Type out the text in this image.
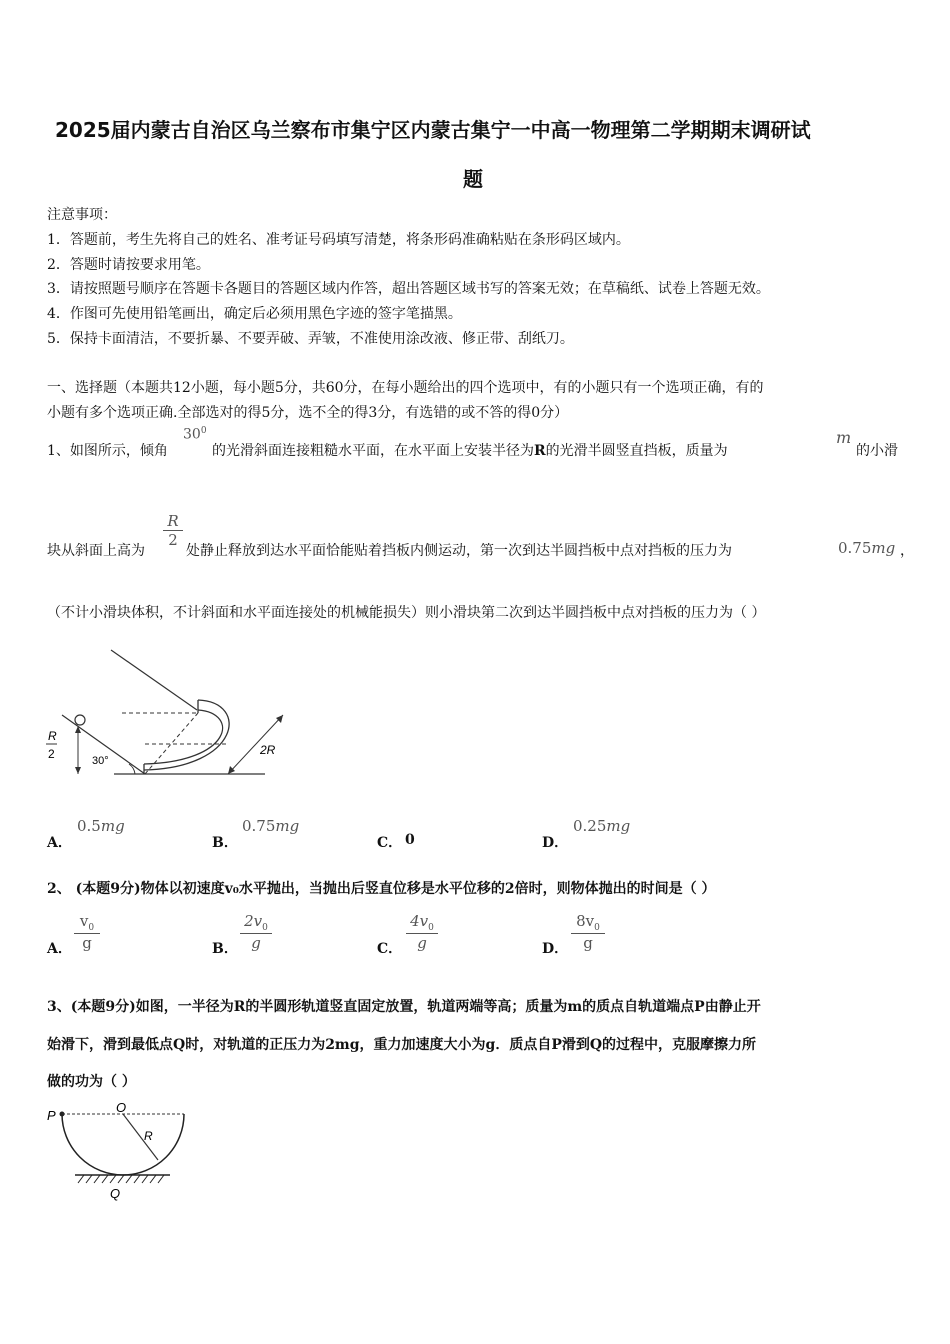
2025届内蒙古自治区乌兰察布市集宁区内蒙古集宁一中高一物理第二学期期末调研试
题
注意事项：
1．答题前，考生先将自己的姓名、准考证号码填写清楚，将条形码准确粘贴在条形码区域内。
2．答题时请按要求用笔。
3．请按照题号顺序在答题卡各题目的答题区域内作答，超出答题区域书写的答案无效；在草稿纸、试卷上答题无效。
4．作图可先使用铅笔画出，确定后必须用黑色字迹的签字笔描黑。
5．保持卡面清洁，不要折暴、不要弄破、弄皱，不准使用涂改液、修正带、刮纸刀。
一、选择题（本题共12小题，每小题5分，共60分，在每小题给出的四个选项中，有的小题只有一个选项正确，有的
小题有多个选项正确.全部选对的得5分，选不全的得3分，有选错的或不答的得0分）
1、如图所示，倾角
$30^0$
的光滑斜面连接粗糙水平面，在水平面上安装半径为R的光滑半圆竖直挡板，质量为
m
的小滑
块从斜面上高为
$\frac{R}{2}$
处静止释放到达水平面恰能贴着挡板内侧运动，第一次到达半圆挡板中点对挡板的压力为	0.75mg ，
（不计小滑块体积，不计斜面和水平面连接处的机械能损失）则小滑块第二次到达半圆挡板中点对挡板的压力为（ ）
R
2	30°
2R
A．
0.5mg
B．
0.75mg
C． 0	D．
0.25mg
2、 (本题9分)物体以初速度v₀水平抛出，当抛出后竖直位移是水平位移的2倍时，则物体抛出的时间是（ ）
A． $\frac{v_0}{g}$	B． $\frac{2v_0}{g}$	C． $\frac{4v_0}{g}$	D． $\frac{8v_0}{g}$
3、(本题9分)如图，一半径为R的半圆形轨道竖直固定放置，轨道两端等高；质量为m的质点自轨道端点P由静止开
始滑下，滑到最低点Q时，对轨道的正压力为2mg，重力加速度大小为g．质点自P滑到Q的过程中，克服摩擦力所
做的功为（ ）
P
O
R
Q
